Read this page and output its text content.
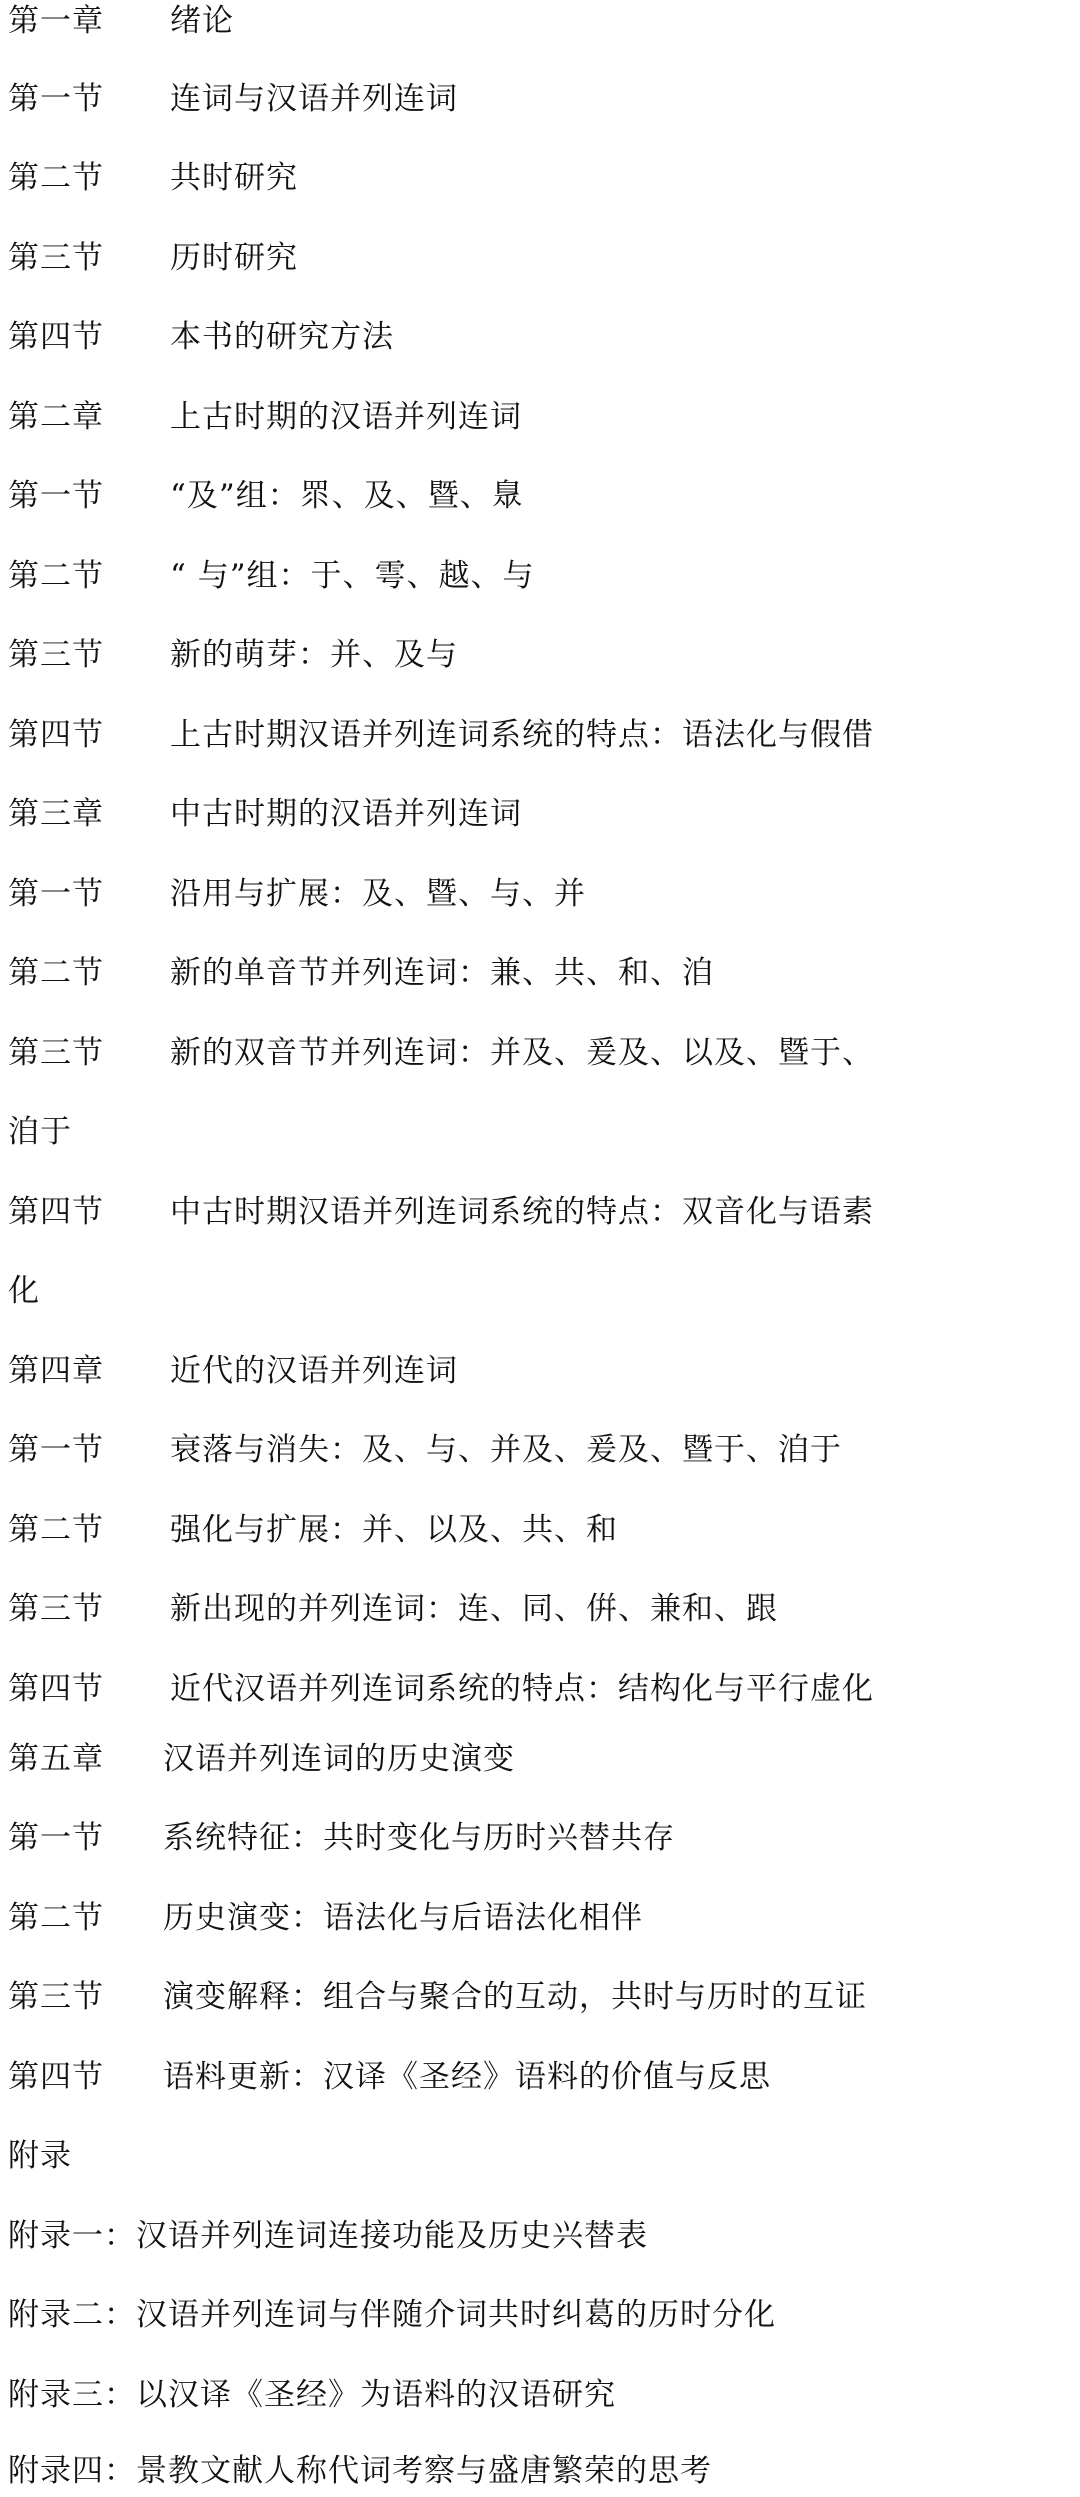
第一章 绪论
第一节 连词与汉语并列连词
第二节 共时研究
第三节 历时研究
第四节 本书的研究方法
第二章 上古时期的汉语并列连词
第一节 “及”组：眔、及、暨、臮
第二节 “ 与”组：于、雩、越、与
第三节 新的萌芽：并、及与
第四节 上古时期汉语并列连词系统的特点：语法化与假借
第三章 中古时期的汉语并列连词
第一节 沿用与扩展：及、暨、与、并
第二节 新的单音节并列连词：兼、共、和、洎
第三节 新的双音节并列连词：并及、爰及、以及、暨于、
洎于
第四节 中古时期汉语并列连词系统的特点：双音化与语素
化
第四章 近代的汉语并列连词
第一节 衰落与消失：及、与、并及、爰及、暨于、洎于
第二节 强化与扩展：并、以及、共、和
第三节 新出现的并列连词：连、同、倂、兼和、跟
第四节 近代汉语并列连词系统的特点：结构化与平行虚化
第五章 汉语并列连词的历史演变
第一节 系统特征：共时变化与历时兴替共存
第二节 历史演变：语法化与后语法化相伴
第三节 演变解释：组合与聚合的互动，共时与历时的互证
第四节 语料更新：汉译《圣经》语料的价值与反思
附录
附录一：汉语并列连词连接功能及历史兴替表
附录二：汉语并列连词与伴随介词共时纠葛的历时分化
附录三：以汉译《圣经》为语料的汉语研究
附录四：景教文献人称代词考察与盛唐繁荣的思考
